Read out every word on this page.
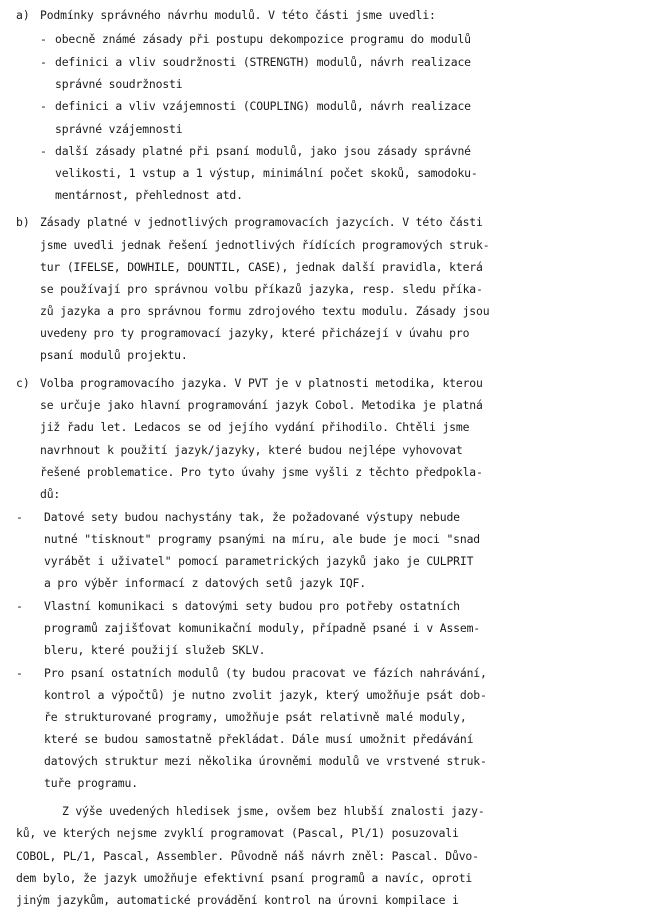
a) Podmínky správného návrhu modulů. V této části jsme uvedli:
- obecně známé zásady při postupu dekompozice programu do modulů
- definici a vliv soudržnosti (STRENGTH) modulů, návrh realizace
správné soudržnosti
- definici a vliv vzájemnosti (COUPLING) modulů, návrh realizace
správné vzájemnosti
- další zásady platné při psaní modulů, jako jsou zásady správné
velikosti, 1 vstup a 1 výstup, minimální počet skoků, samodoku-
mentárnost, přehlednost atd.
b) Zásady platné v jednotlivých programovacích jazycích. V této části
jsme uvedli jednak řešení jednotlivých řídících programových struk-
tur (IFELSE, DOWHILE, DOUNTIL, CASE), jednak další pravidla, která
se používají pro správnou volbu příkazů jazyka, resp. sledu příka-
zů jazyka a pro správnou formu zdrojového textu modulu. Zásady jsou
uvedeny pro ty programovací jazyky, které přicházejí v úvahu pro
psaní modulů projektu.
c) Volba programovacího jazyka. V PVT je v platnosti metodika, kterou
se určuje jako hlavní programování jazyk Cobol. Metodika je platná
již řadu let. Ledacos se od jejího vydání přihodilo. Chtěli jsme
navrhnout k použití jazyk/jazyky, které budou nejlépe vyhovovat
řešené problematice. Pro tyto úvahy jsme vyšli z těchto předpokla-
dů:
- Datové sety budou nachystány tak, že požadované výstupy nebude
nutné "tisknout" programy psanými na míru, ale bude je moci "snad
vyrábět i uživatel" pomocí parametrických jazyků jako je CULPRIT
a pro výběr informací z datových setů jazyk IQF.
- Vlastní komunikaci s datovými sety budou pro potřeby ostatních
programů zajišťovat komunikační moduly, případně psané i v Assem-
bleru, které použijí služeb SKLV.
- Pro psaní ostatních modulů (ty budou pracovat ve fázích nahrávání,
kontrol a výpočtů) je nutno zvolit jazyk, který umožňuje psát dob-
ře strukturované programy, umožňuje psát relativně malé moduly,
které se budou samostatně překládat. Dále musí umožnit předávání
datových struktur mezi několika úrovněmi modulů ve vrstvené struk-
tuře programu.
Z výše uvedených hledisek jsme, ovšem bez hlubší znalosti jazy-
ků, ve kterých nejsme zvyklí programovat (Pascal, Pl/1) posuzovali
COBOL, PL/1, Pascal, Assembler. Původně náš návrh zněl: Pascal. Důvo-
dem bylo, že jazyk umožňuje efektivní psaní programů a navíc, oproti
jiným jazykům, automatické provádění kontrol na úrovni kompilace i
